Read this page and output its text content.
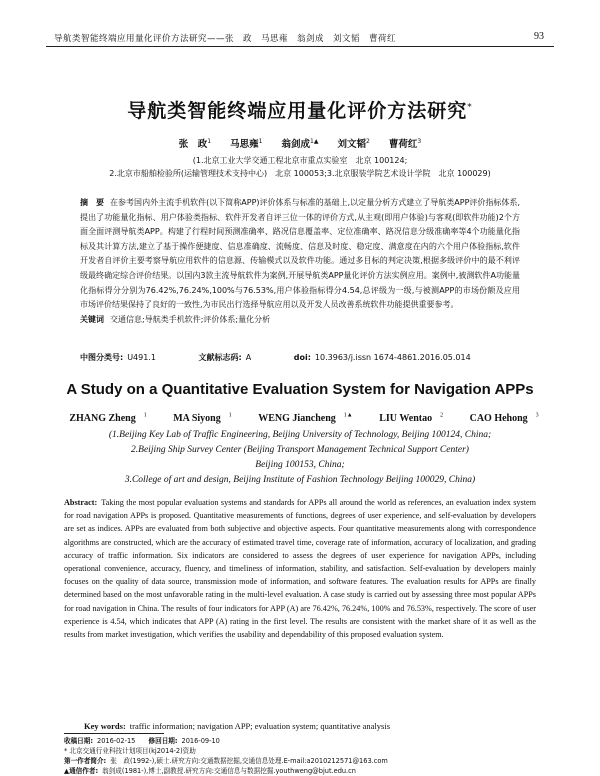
导航类智能终端应用量化评价方法研究——张　政　马思雍　翁剑成　刘文韬　曹荷红	93
导航类智能终端应用量化评价方法研究*
张　政$^1$ 马思雍$^1$ 翁剑成$^{1▲}$ 刘文韬$^2$ 曹荷红$^3$
(1.北京工业大学交通工程北京市重点实验室　北京 100124;
2.北京市船舶检验所(运输管理技术支持中心)　北京 100053;3.北京服装学院艺术设计学院　北京 100029)
摘　要 在参考国内外主流手机软件(以下简称APP)评价体系与标准的基础上,以定量分析方式建立了导航类APP评价指标体系,提出了功能量化指标、用户体验类指标、软件开发者自评三位一体的评价方式,从主观(即用户体验)与客观(即软件功能)2个方面全面评测导航类APP。构建了行程时间预测准确率、路况信息覆盖率、定位准确率、路况信息分级准确率等4个功能量化指标及其计算方法,建立了基于操作便捷度、信息准确度、流畅度、信息及时度、稳定度、满意度在内的六个用户体验指标,软件开发者自评价主要考察导航应用软件的信息源、传输模式以及软件功能。通过多目标的判定决策,根据多级评价中的最不利评级最终确定综合评价结果。以国内3款主流导航软件为案例,开展导航类APP量化评价方法实例应用。案例中,被测软件A功能量化指标得分分别为76.42%,76.24%,100%与76.53%,用户体验指标得分4.54,总评级为一级,与被测APP的市场份额及应用市场评价结果保持了良好的一致性,为市民出行选择导航应用以及开发人员改善系统软件功能提供重要参考。
关键词 交通信息;导航类手机软件;评价体系;量化分析
中图分类号: U491.1	文献标志码: A	doi: 10.3963/j.issn 1674-4861.2016.05.014
A Study on a Quantitative Evaluation System for Navigation APPs
ZHANG Zheng $^1$	MA Siyong $^1$	WENG Jiancheng $^{1▲}$	LIU Wentao $^2$	CAO Hehong $^3$
(1.Beijing Key Lab of Traffic Engineering, Beijing University of Technology, Beijing 100124, China;
2.Beijing Ship Survey Center (Beijing Transport Management Technical Support Center)
Beijing 100153, China;
3.College of art and design, Beijing Institute of Fashion Technology Beijing 100029, China)
Abstract: Taking the most popular evaluation systems and standards for APPs all around the world as references, an evaluation index system for road navigation APPs is proposed. Quantitative measurements of functions, degrees of user experience, and self-evaluation by developers are set as indices. APPs are evaluated from both subjective and objective aspects. Four quantitative measurements along with correspondence algorithms are constructed, which are the accuracy of estimated travel time, coverage rate of information, accuracy of localization, and grading accuracy of traffic information. Six indicators are considered to assess the degrees of user experience for navigation APPs, including operational convenience, accuracy, fluency, and timeliness of information, stability, and satisfaction. Self-evaluation by developers mainly focuses on the quality of data source, transmission mode of information, and software features. The evaluation results for APPs are finally determined based on the most unfavorable rating in the multi-level evaluation. A case study is carried out by assessing three most popular APPs for road navigation in China. The results of four indicators for APP (A) are 76.42%, 76.24%, 100% and 76.53%, respectively. The score of user experience is 4.54, which indicates that APP (A) rating in the first level. The results are consistent with the market share of it as well as the results from market investigation, which verifies the usability and dependability of this proposed evaluation system.
Key words: traffic information; navigation APP; evaluation system; quantitative analysis
收稿日期: 2016-02-15　　 修回日期: 2016-09-10
* 北京交通行业科技计划项目(kj2014-2)资助
第一作者简介: 张　政(1992-),硕士.研究方向:交通数据挖掘,交通信息处理.E-mail:a2010212571@163.com
▲通信作者: 翁剑成(1981-),博士,副教授.研究方向:交通信息与数据挖掘.youthweng@bjut.edu.cn
